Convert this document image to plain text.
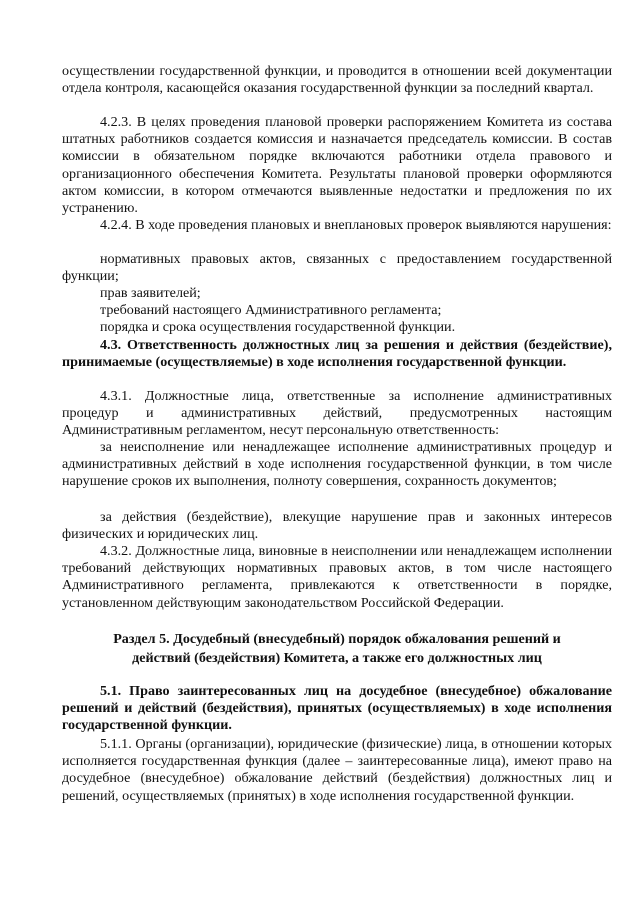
осуществлении государственной функции, и проводится в отношении всей документации отдела контроля, касающейся оказания государственной функции за последний квартал.

4.2.3. В целях проведения плановой проверки распоряжением Комитета из состава штатных работников создается комиссия и назначается председатель комиссии. В состав комиссии в обязательном порядке включаются работники отдела правового и организационного обеспечения Комитета. Результаты плановой проверки оформляются актом комиссии, в котором отмечаются выявленные недостатки и предложения по их устранению.

4.2.4. В ходе проведения плановых и внеплановых проверок выявляются нарушения:

нормативных правовых актов, связанных с предоставлением государственной функции;

прав заявителей;

требований настоящего Административного регламента;

порядка и срока осуществления государственной функции.

4.3. Ответственность должностных лиц за решения и действия (бездействие), принимаемые (осуществляемые) в ходе исполнения государственной функции.

4.3.1. Должностные лица, ответственные за исполнение административных процедур и административных действий, предусмотренных настоящим Административным регламентом, несут персональную ответственность:

за неисполнение или ненадлежащее исполнение административных процедур и административных действий в ходе исполнения государственной функции, в том числе нарушение сроков их выполнения, полноту совершения, сохранность документов;

за действия (бездействие), влекущие нарушение прав и законных интересов физических и юридических лиц.

4.3.2. Должностные лица, виновные в неисполнении или ненадлежащем исполнении требований действующих нормативных правовых актов, в том числе настоящего Административного регламента, привлекаются к ответственности в порядке, установленном действующим законодательством Российской Федерации.

Раздел 5. Досудебный (внесудебный) порядок обжалования решений и

действий (бездействия) Комитета, а также его должностных лиц

5.1. Право заинтересованных лиц на досудебное (внесудебное) обжалование решений и действий (бездействия), принятых (осуществляемых) в ходе исполнения государственной функции.

5.1.1. Органы (организации), юридические (физические) лица, в отношении которых исполняется государственная функция (далее – заинтересованные лица), имеют право на досудебное (внесудебное) обжалование действий (бездействия) должностных лиц и решений, осуществляемых (принятых) в ходе исполнения государственной функции.
